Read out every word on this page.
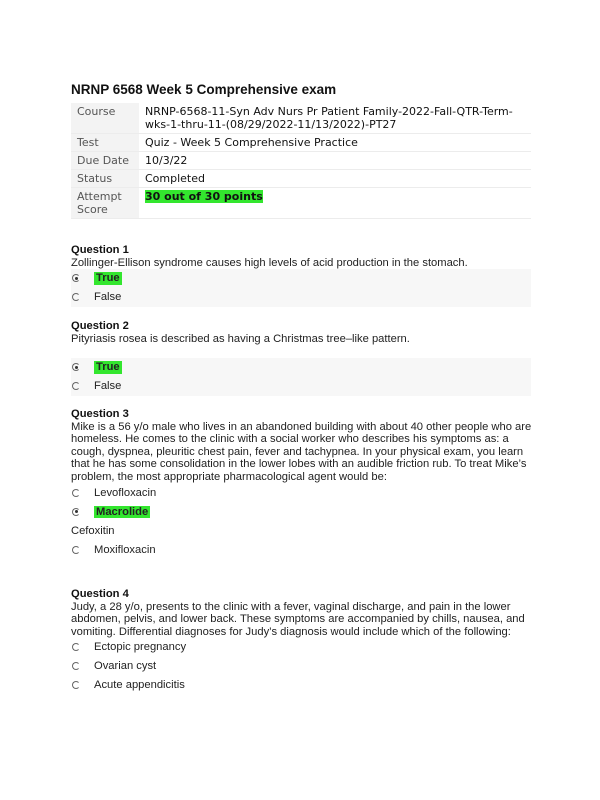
NRNP 6568 Week 5 Comprehensive exam
Course	NRNP-6568-11-Syn Adv Nurs Pr Patient Family-2022-Fall-QTR-Term-wks-1-thru-11-(08/29/2022-11/13/2022)-PT27
Test	Quiz - Week 5 Comprehensive Practice
Due Date	10/3/22
Status	Completed
Attempt
Score	30 out of 30 points
Question 1
Zollinger-Ellison syndrome causes high levels of acid production in the stomach.
True
False
Question 2
Pityriasis rosea is described as having a Christmas tree–like pattern.
True
False
Question 3
Mike is a 56 y/o male who lives in an abandoned building with about 40 other people who are homeless. He comes to the clinic with a social worker who describes his symptoms as: a cough, dyspnea, pleuritic chest pain, fever and tachypnea. In your physical exam, you learn that he has some consolidation in the lower lobes with an audible friction rub. To treat Mike’s problem, the most appropriate pharmacological agent would be:
Levofloxacin
Macrolide
Cefoxitin
Moxifloxacin
Question 4
Judy, a 28 y/o, presents to the clinic with a fever, vaginal discharge, and pain in the lower abdomen, pelvis, and lower back. These symptoms are accompanied by chills, nausea, and vomiting. Differential diagnoses for Judy’s diagnosis would include which of the following:
Ectopic pregnancy
Ovarian cyst
Acute appendicitis
